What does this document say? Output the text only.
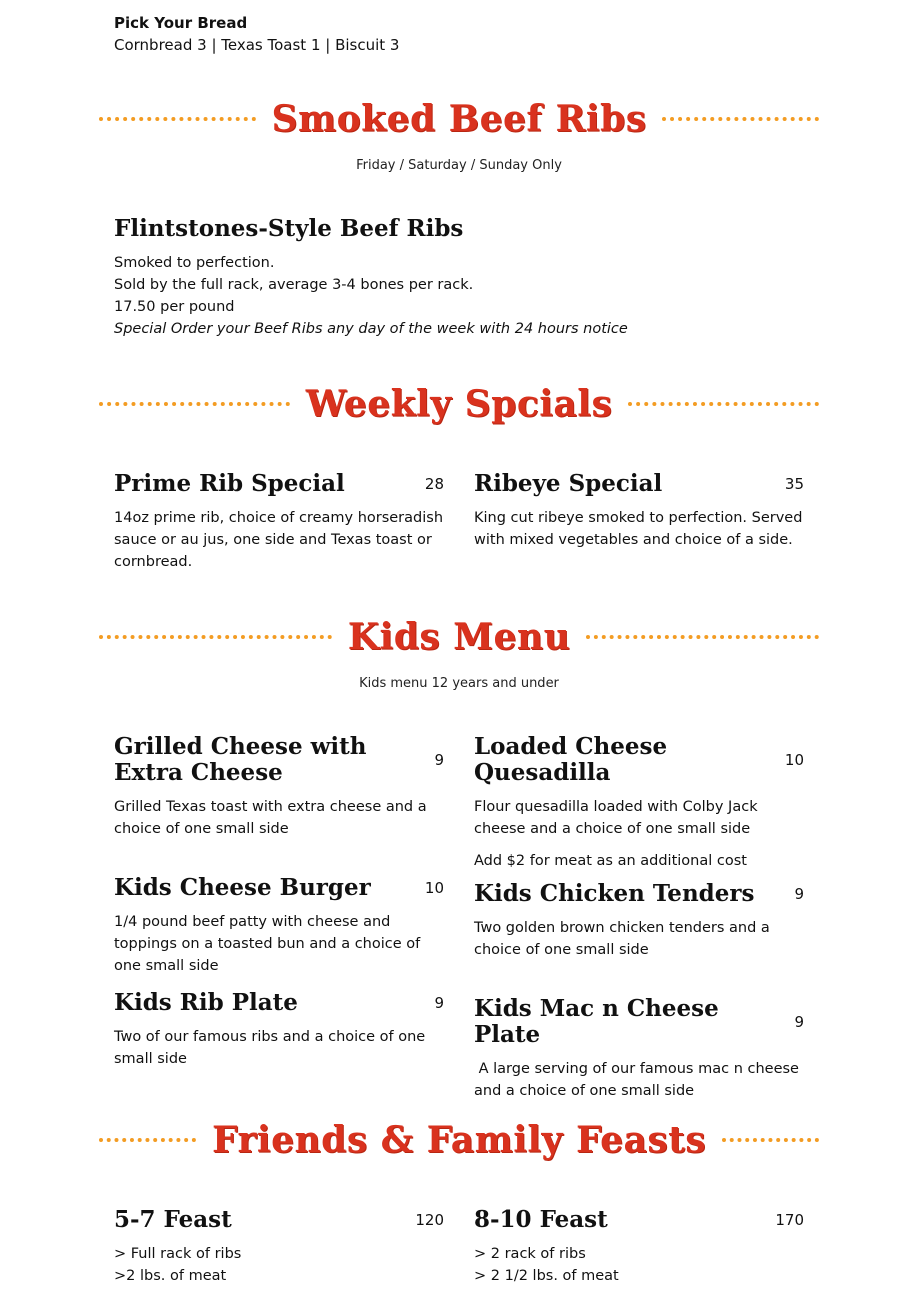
Pick Your Bread
Cornbread 3 | Texas Toast 1 | Biscuit 3
Smoked Beef Ribs
Friday / Saturday / Sunday Only
Flintstones-Style Beef Ribs
Smoked to perfection.
Sold by the full rack, average 3-4 bones per rack.
17.50 per pound
Special Order your Beef Ribs any day of the week with 24 hours notice
Weekly Spcials
Prime Rib Special	28
14oz prime rib, choice of creamy horseradish sauce or au jus, one side and Texas toast or cornbread.
Ribeye Special	35
King cut ribeye smoked to perfection. Served with mixed vegetables and choice of a side.
Kids Menu
Kids menu 12 years and under
Grilled Cheese with Extra Cheese	9
Grilled Texas toast with extra cheese and a choice of one small side
Loaded Cheese Quesadilla	10
Flour quesadilla loaded with Colby Jack cheese and a choice of one small side
Add $2 for meat as an additional cost
Kids Cheese Burger	10
1/4 pound beef patty with cheese and toppings on a toasted bun and a choice of one small side
Kids Chicken Tenders	9
Two golden brown chicken tenders and a choice of one small side
Kids Rib Plate	9
Two of our famous ribs and a choice of one small side
Kids Mac n Cheese Plate	9
A large serving of our famous mac n cheese and a choice of one small side
Friends & Family Feasts
5-7 Feast	120
> Full rack of ribs
>2 lbs. of meat
8-10 Feast	170
> 2 rack of ribs
> 2 1/2 lbs. of meat
